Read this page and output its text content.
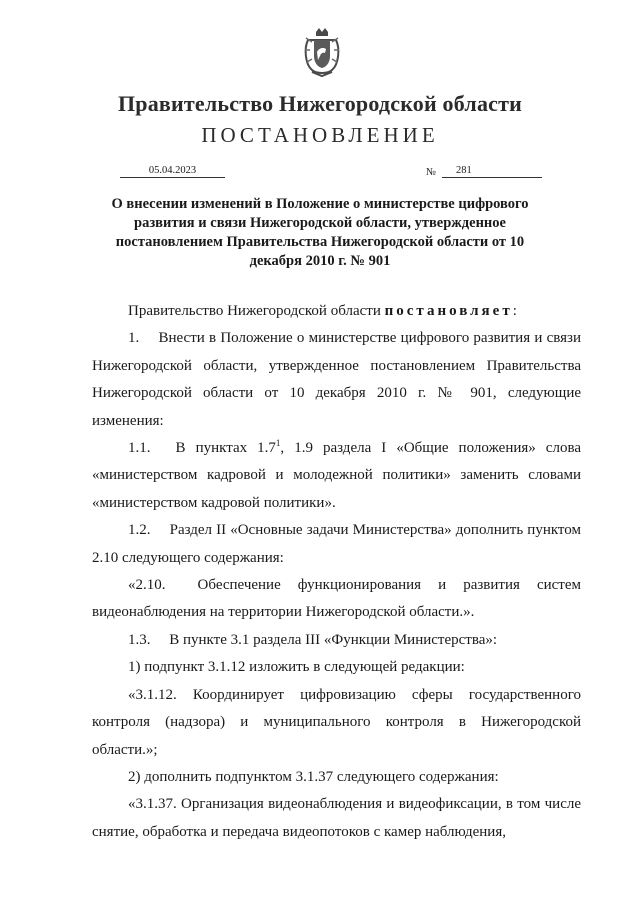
Правительство Нижегородской области
ПОСТАНОВЛЕНИЕ
05.04.2023	№	281

О внесении изменений в Положение о министерстве цифрового развития и связи Нижегородской области, утвержденное постановлением Правительства Нижегородской области от 10 декабря 2010 г. № 901

Правительство Нижегородской области постановляет:

1.  Внести в Положение о министерстве цифрового развития и связи Нижегородской области, утвержденное постановлением Правительства Нижегородской области от 10 декабря 2010 г. № 901, следующие изменения:

1.1.  В пунктах $1.7^1$, 1.9 раздела I «Общие положения» слова «министерством кадровой и молодежной политики» заменить словами «министерством кадровой политики».

1.2.  Раздел II «Основные задачи Министерства» дополнить пунктом 2.10 следующего содержания:

«2.10.  Обеспечение функционирования и развития систем видеонаблюдения на территории Нижегородской области.».

1.3.  В пункте 3.1 раздела III «Функции Министерства»:

1) подпункт 3.1.12 изложить в следующей редакции:

«3.1.12. Координирует цифровизацию сферы государственного контроля (надзора) и муниципального контроля в Нижегородской области.»;

2) дополнить подпунктом 3.1.37 следующего содержания:

«3.1.37. Организация видеонаблюдения и видеофиксации, в том числе снятие, обработка и передача видеопотоков с камер наблюдения,
